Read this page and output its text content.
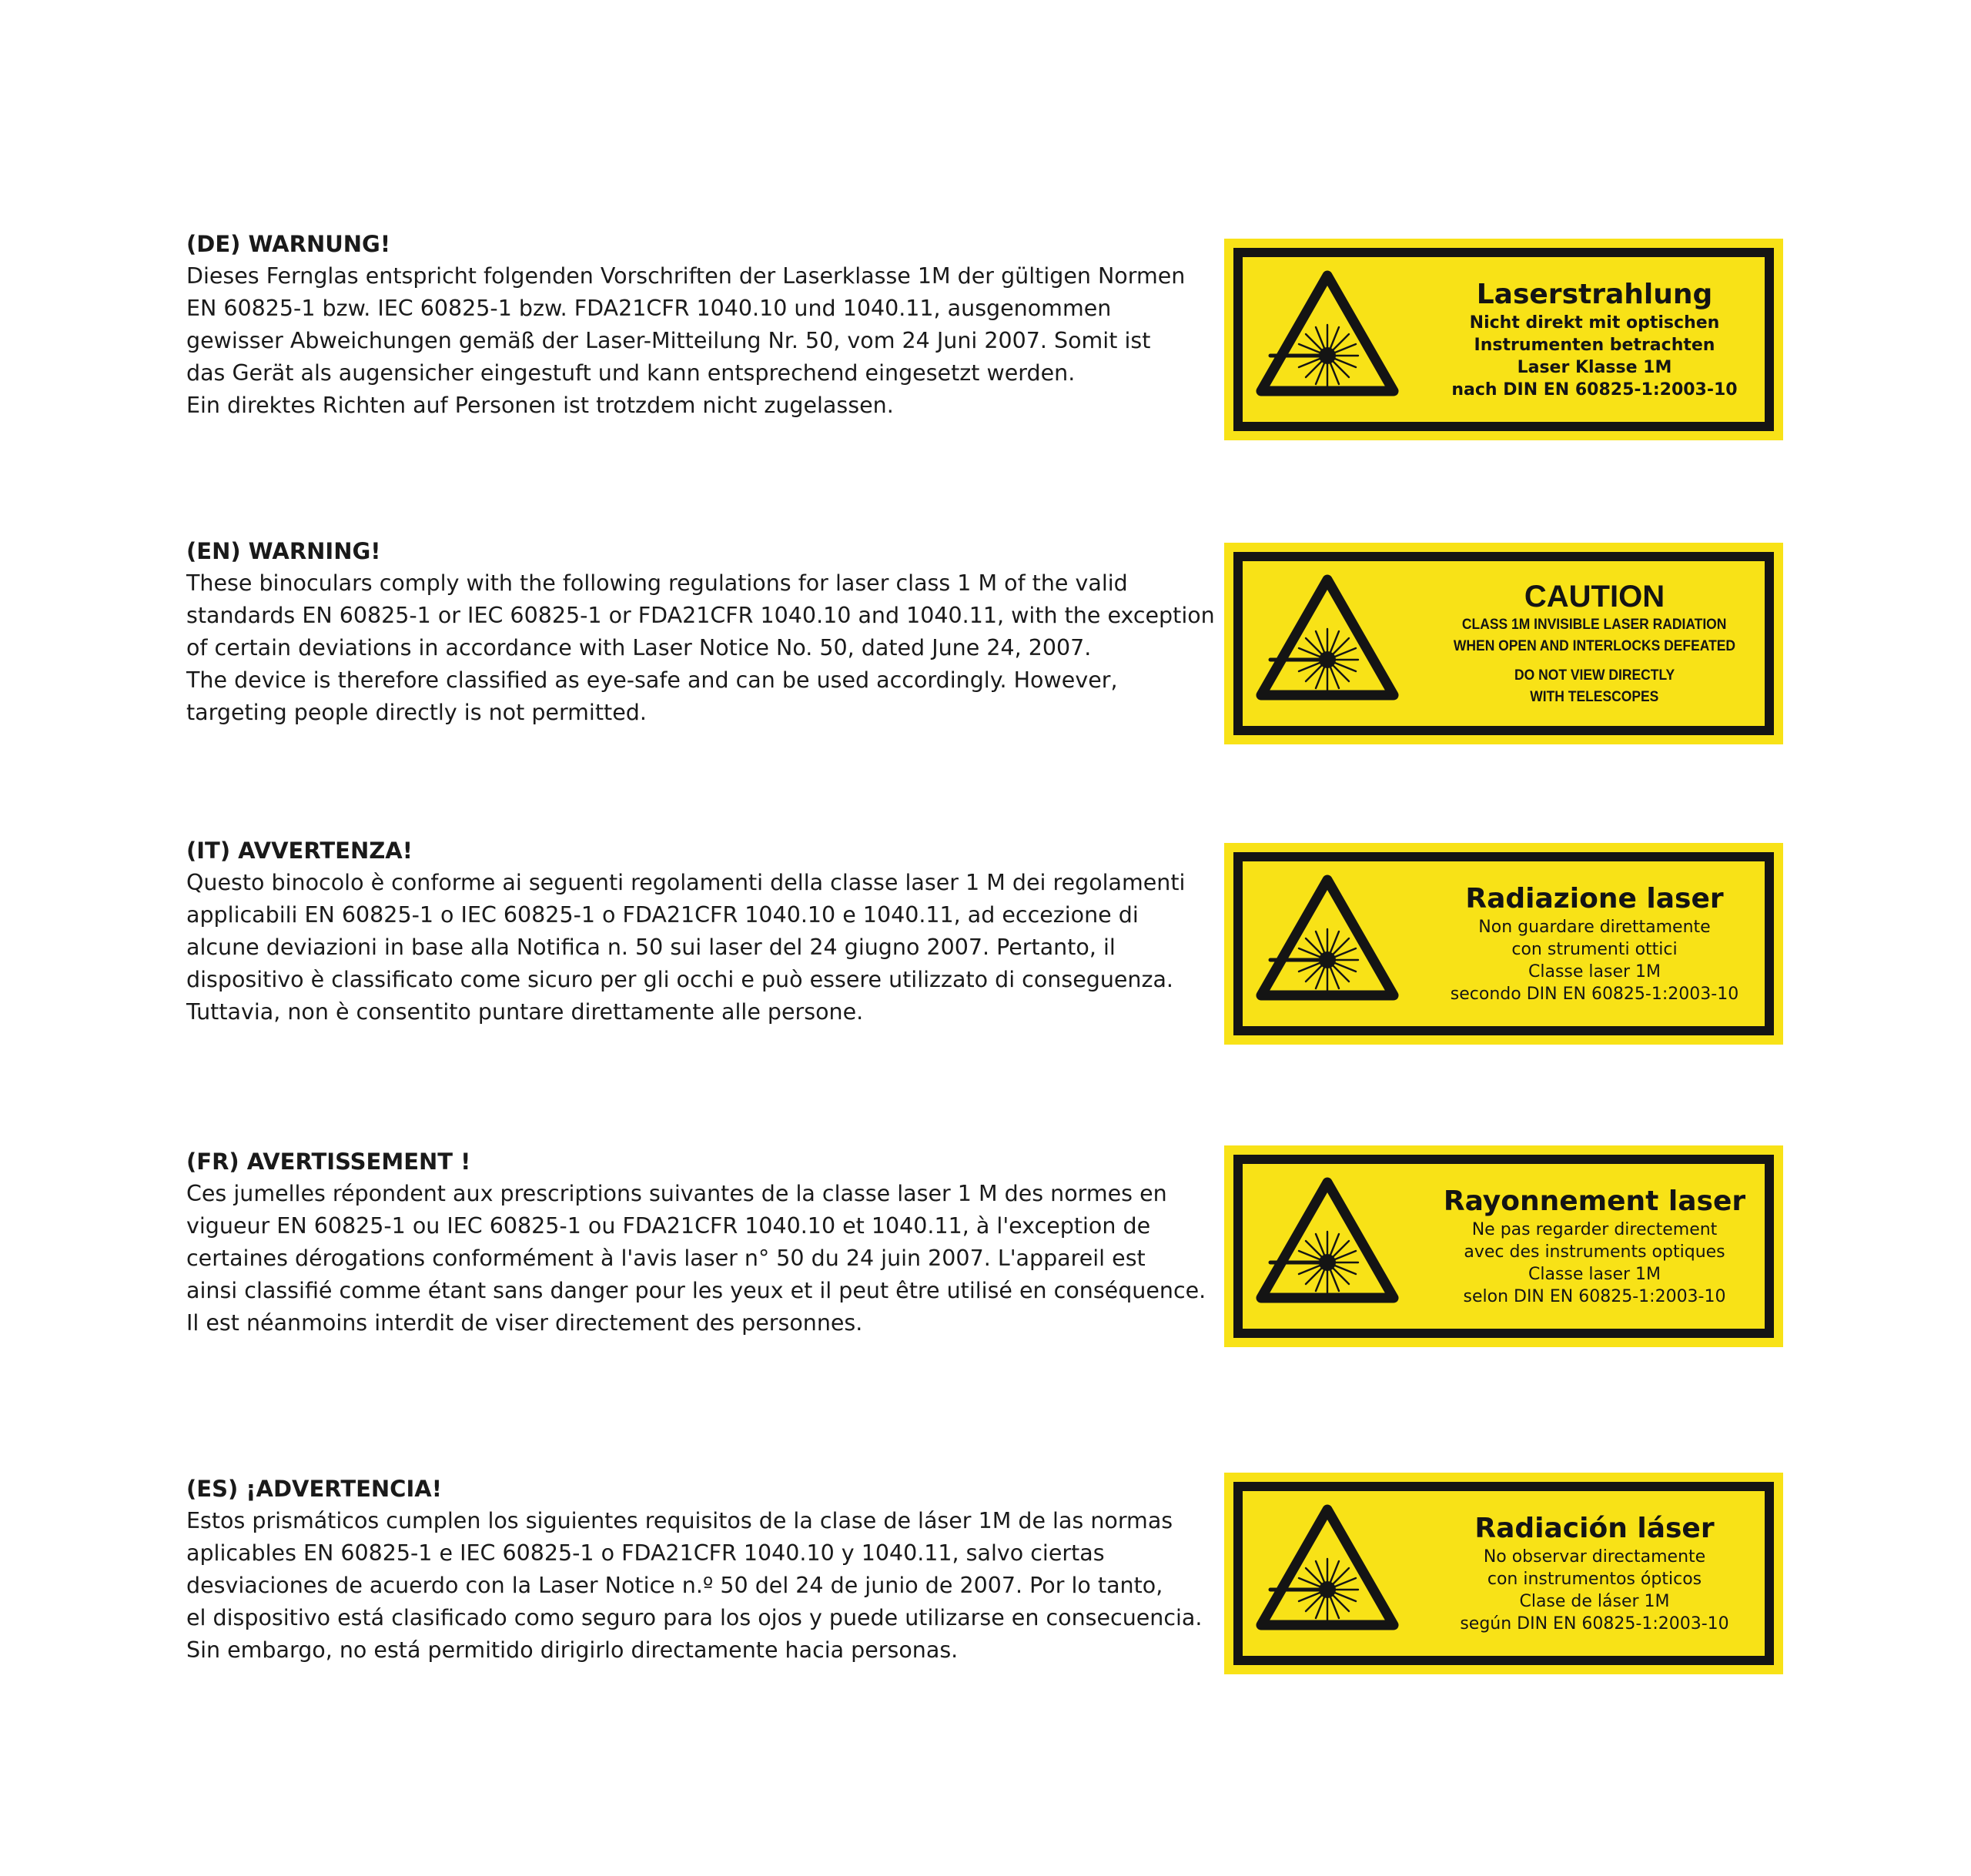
(DE) WARNUNG!
Dieses Fernglas entspricht folgenden Vorschriften der Laserklasse 1M der gültigen Normen
EN 60825-1 bzw. IEC 60825-1 bzw. FDA21CFR 1040.10 und 1040.11, ausgenommen
gewisser Abweichungen gemäß der Laser-Mitteilung Nr. 50, vom 24 Juni 2007. Somit ist
das Gerät als augensicher eingestuft und kann entsprechend eingesetzt werden.
Ein direktes Richten auf Personen ist trotzdem nicht zugelassen.
Laserstrahlung
Nicht direkt mit optischen
Instrumenten betrachten
Laser Klasse 1M
nach DIN EN 60825-1:2003-10
(EN) WARNING!
These binoculars comply with the following regulations for laser class 1 M of the valid
standards EN 60825-1 or IEC 60825-1 or FDA21CFR 1040.10 and 1040.11, with the exception
of certain deviations in accordance with Laser Notice No. 50, dated June 24, 2007.
The device is therefore classified as eye-safe and can be used accordingly. However,
targeting people directly is not permitted.
CAUTION
CLASS 1M INVISIBLE LASER RADIATION
WHEN OPEN AND INTERLOCKS DEFEATED
DO NOT VIEW DIRECTLY
WITH TELESCOPES
(IT) AVVERTENZA!
Questo binocolo è conforme ai seguenti regolamenti della classe laser 1 M dei regolamenti
applicabili EN 60825-1 o IEC 60825-1 o FDA21CFR 1040.10 e 1040.11, ad eccezione di
alcune deviazioni in base alla Notifica n. 50 sui laser del 24 giugno 2007. Pertanto, il
dispositivo è classificato come sicuro per gli occhi e può essere utilizzato di conseguenza.
Tuttavia, non è consentito puntare direttamente alle persone.
Radiazione laser
Non guardare direttamente
con strumenti ottici
Classe laser 1M
secondo DIN EN 60825-1:2003-10
(FR) AVERTISSEMENT !
Ces jumelles répondent aux prescriptions suivantes de la classe laser 1 M des normes en
vigueur EN 60825-1 ou IEC 60825-1 ou FDA21CFR 1040.10 et 1040.11, à l'exception de
certaines dérogations conformément à l'avis laser n° 50 du 24 juin 2007. L'appareil est
ainsi classifié comme étant sans danger pour les yeux et il peut être utilisé en conséquence.
Il est néanmoins interdit de viser directement des personnes.
Rayonnement laser
Ne pas regarder directement
avec des instruments optiques
Classe laser 1M
selon DIN EN 60825-1:2003-10
(ES) ¡ADVERTENCIA!
Estos prismáticos cumplen los siguientes requisitos de la clase de láser 1M de las normas
aplicables EN 60825-1 e IEC 60825-1 o FDA21CFR 1040.10 y 1040.11, salvo ciertas
desviaciones de acuerdo con la Laser Notice n.º 50 del 24 de junio de 2007. Por lo tanto,
el dispositivo está clasificado como seguro para los ojos y puede utilizarse en consecuencia.
Sin embargo, no está permitido dirigirlo directamente hacia personas.
Radiación láser
No observar directamente
con instrumentos ópticos
Clase de láser 1M
según DIN EN 60825-1:2003-10
